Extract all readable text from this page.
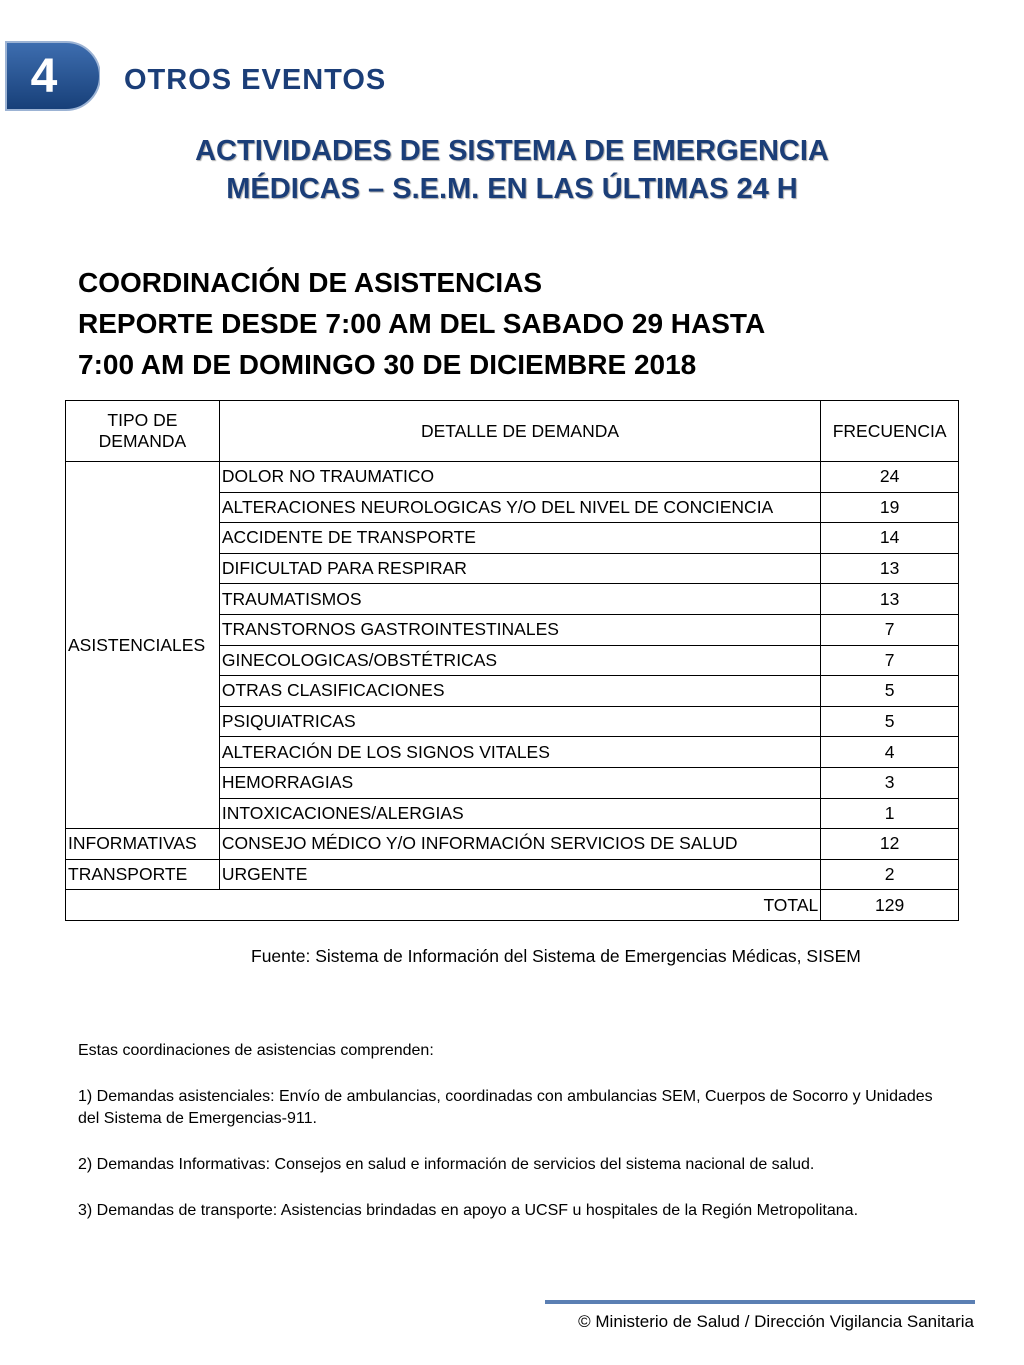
4 OTROS EVENTOS
ACTIVIDADES DE SISTEMA DE EMERGENCIA
MÉDICAS – S.E.M. EN LAS ÚLTIMAS 24 H
COORDINACIÓN DE ASISTENCIAS
REPORTE DESDE 7:00 AM DEL SABADO 29 HASTA
7:00 AM DE DOMINGO 30 DE DICIEMBRE 2018
TIPO DE DEMANDA	DETALLE DE DEMANDA	FRECUENCIA
ASISTENCIALES	DOLOR NO TRAUMATICO	24
	ALTERACIONES NEUROLOGICAS Y/O DEL NIVEL DE CONCIENCIA	19
	ACCIDENTE DE TRANSPORTE	14
	DIFICULTAD PARA RESPIRAR	13
	TRAUMATISMOS	13
	TRANSTORNOS GASTROINTESTINALES	7
	GINECOLOGICAS/OBSTÉTRICAS	7
	OTRAS CLASIFICACIONES	5
	PSIQUIATRICAS	5
	ALTERACIÓN DE LOS SIGNOS VITALES	4
	HEMORRAGIAS	3
	INTOXICACIONES/ALERGIAS	1
INFORMATIVAS	CONSEJO MÉDICO Y/O INFORMACIÓN SERVICIOS DE SALUD	12
TRANSPORTE	URGENTE	2
TOTAL		129
Fuente: Sistema de Información del Sistema de Emergencias Médicas, SISEM

Estas coordinaciones de asistencias comprenden:

1) Demandas asistenciales: Envío de ambulancias, coordinadas con ambulancias SEM, Cuerpos de Socorro y Unidades del Sistema de Emergencias-911.

2) Demandas Informativas: Consejos en salud e información de servicios del sistema nacional de salud.

3) Demandas de transporte: Asistencias brindadas en apoyo a UCSF u hospitales de la Región Metropolitana.

© Ministerio de Salud / Dirección Vigilancia Sanitaria
